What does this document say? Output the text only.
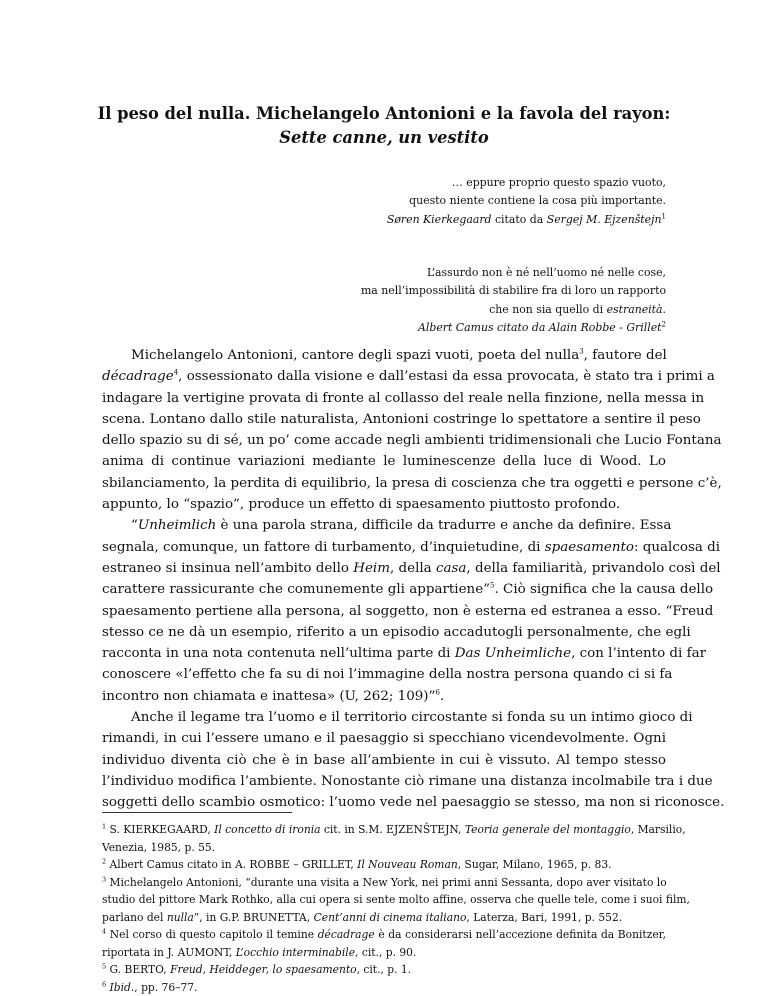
Il peso del nulla. Michelangelo Antonioni e la favola del rayon:

Sette canne, un vestito
… eppure proprio questo spazio vuoto,
questo niente contiene la cosa più importante.
Søren Kierkegaard citato da Sergej M. Ejzenštejn$^1$
L’assurdo non è né nell’uomo né nelle cose,
ma nell’impossibilità di stabilire fra di loro un rapporto
che non sia quello di estraneità.
Albert Camus citato da Alain Robbe - Grillet$^2$
Michelangelo Antonioni, cantore degli spazi vuoti, poeta del nulla$^3$, fautore del
décadrage$^4$, ossessionato dalla visione e dall’estasi da essa provocata, è stato tra i primi a
indagare la vertigine provata di fronte al collasso del reale nella finzione, nella messa in
scena. Lontano dallo stile naturalista, Antonioni costringe lo spettatore a sentire il peso
dello spazio su di sé, un po’ come accade negli ambienti tridimensionali che Lucio Fontana
anima di continue variazioni mediante le luminescenze della luce di Wood. Lo
sbilanciamento, la perdita di equilibrio, la presa di coscienza che tra oggetti e persone c’è,
appunto, lo “spazio”, produce un effetto di spaesamento piuttosto profondo.
“Unheimlich è una parola strana, difficile da tradurre e anche da definire. Essa
segnala, comunque, un fattore di turbamento, d’inquietudine, di spaesamento: qualcosa di
estraneo si insinua nell’ambito dello Heim, della casa, della familiarità, privandolo così del
carattere rassicurante che comunemente gli appartiene”$^5$. Ciò significa che la causa dello
spaesamento pertiene alla persona, al soggetto, non è esterna ed estranea a esso. “Freud
stesso ce ne dà un esempio, riferito a un episodio accadutogli personalmente, che egli
racconta in una nota contenuta nell’ultima parte di Das Unheimliche, con l’intento di far
conoscere «l’effetto che fa su di noi l’immagine della nostra persona quando ci si fa
incontro non chiamata e inattesa» (U, 262; 109)”$^6$.
Anche il legame tra l’uomo e il territorio circostante si fonda su un intimo gioco di
rimandi, in cui l’essere umano e il paesaggio si specchiano vicendevolmente. Ogni
individuo diventa ciò che è in base all’ambiente in cui è vissuto. Al tempo stesso
l’individuo modifica l’ambiente. Nonostante ciò rimane una distanza incolmabile tra i due
soggetti dello scambio osmotico: l’uomo vede nel paesaggio se stesso, ma non si riconosce.
$^1$ S. KIERKEGAARD, Il concetto di ironia cit. in S.M. EJZENŠTEJN, Teoria generale del montaggio, Marsilio,
Venezia, 1985, p. 55.
$^2$ Albert Camus citato in A. ROBBE – GRILLET, Il Nouveau Roman, Sugar, Milano, 1965, p. 83.
$^3$ Michelangelo Antonioni, “durante una visita a New York, nei primi anni Sessanta, dopo aver visitato lo
studio del pittore Mark Rothko, alla cui opera si sente molto affine, osserva che quelle tele, come i suoi film,
parlano del nulla”, in G.P. BRUNETTA, Cent’anni di cinema italiano, Laterza, Bari, 1991, p. 552.
$^4$ Nel corso di questo capitolo il temine décadrage è da considerarsi nell’accezione definita da Bonitzer,
riportata in J. AUMONT, L’occhio interminabile, cit., p. 90.
$^5$ G. BERTO, Freud, Heiddeger, lo spaesamento, cit., p. 1.
$^6$ Ibid., pp. 76–77.
